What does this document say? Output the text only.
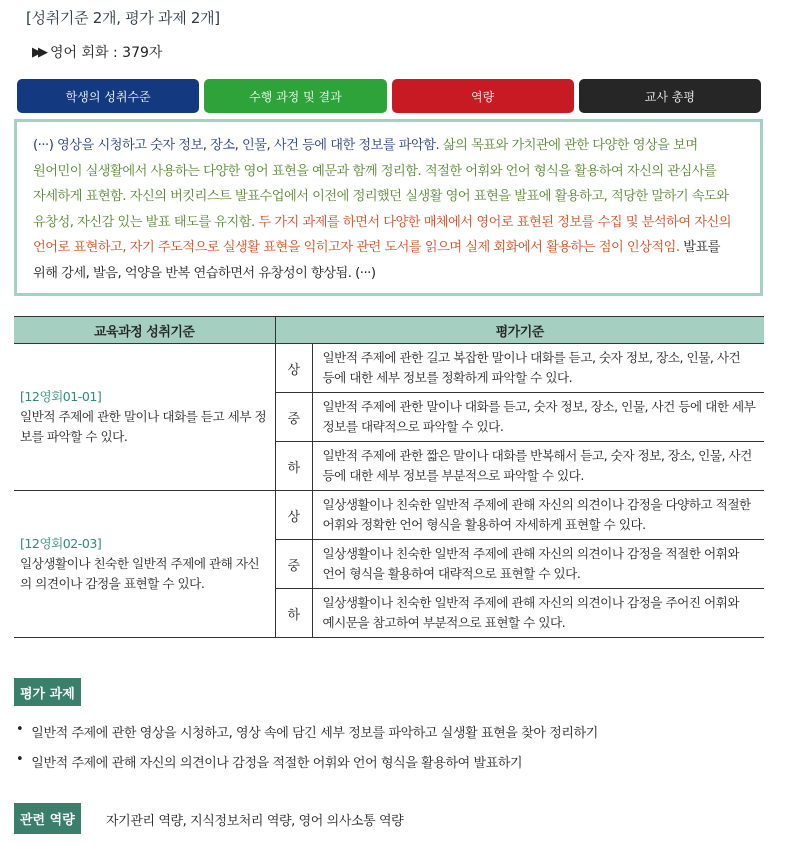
[성취기준 2개, 평가 과제 2개]
▶▶ 영어 회화 : 379자
학생의 성취수준	수행 과정 및 결과	역량	교사 총평
(···) 영상을 시청하고 숫자 정보, 장소, 인물, 사건 등에 대한 정보를 파악함. 삶의 목표와 가치관에 관한 다양한 영상을 보며 원어민이 실생활에서 사용하는 다양한 영어 표현을 예문과 함께 정리함. 적절한 어휘와 언어 형식을 활용하여 자신의 관심사를 자세하게 표현함. 자신의 버킷리스트 발표수업에서 이전에 정리했던 실생활 영어 표현을 발표에 활용하고, 적당한 말하기 속도와 유창성, 자신감 있는 발표 태도를 유지함. 두 가지 과제를 하면서 다양한 매체에서 영어로 표현된 정보를 수집 및 분석하여 자신의 언어로 표현하고, 자기 주도적으로 실생활 표현을 익히고자 관련 도서를 읽으며 실제 회화에서 활용하는 점이 인상적임. 발표를 위해 강세, 발음, 억양을 반복 연습하면서 유창성이 향상됨. (···)
교육과정 성취기준	평가기준	

[12영회01-01]
일반적 주제에 관한 말이나 대화를 듣고 세부 정보를 파악할 수 있다.	상	일반적 주제에 관한 길고 복잡한 말이나 대화를 듣고, 숫자 정보, 장소, 인물, 사건 등에 대한 세부 정보를 정확하게 파악할 수 있다.
	중	일반적 주제에 관한 말이나 대화를 듣고, 숫자 정보, 장소, 인물, 사건 등에 대한 세부 정보를 대략적으로 파악할 수 있다.
	하	일반적 주제에 관한 짧은 말이나 대화를 반복해서 듣고, 숫자 정보, 장소, 인물, 사건 등에 대한 세부 정보를 부분적으로 파악할 수 있다.

[12영회02-03]
일상생활이나 친숙한 일반적 주제에 관해 자신의 의견이나 감정을 표현할 수 있다.	상	일상생활이나 친숙한 일반적 주제에 관해 자신의 의견이나 감정을 다양하고 적절한 어휘와 정확한 언어 형식을 활용하여 자세하게 표현할 수 있다.
	중	일상생활이나 친숙한 일반적 주제에 관해 자신의 의견이나 감정을 적절한 어휘와 언어 형식을 활용하여 대략적으로 표현할 수 있다.
	하	일상생활이나 친숙한 일반적 주제에 관해 자신의 의견이나 감정을 주어진 어휘와 예시문을 참고하여 부분적으로 표현할 수 있다.
평가 과제
• 일반적 주제에 관한 영상을 시청하고, 영상 속에 담긴 세부 정보를 파악하고 실생활 표현을 찾아 정리하기
• 일반적 주제에 관해 자신의 의견이나 감정을 적절한 어휘와 언어 형식을 활용하여 발표하기
관련 역량	자기관리 역량, 지식정보처리 역량, 영어 의사소통 역량
